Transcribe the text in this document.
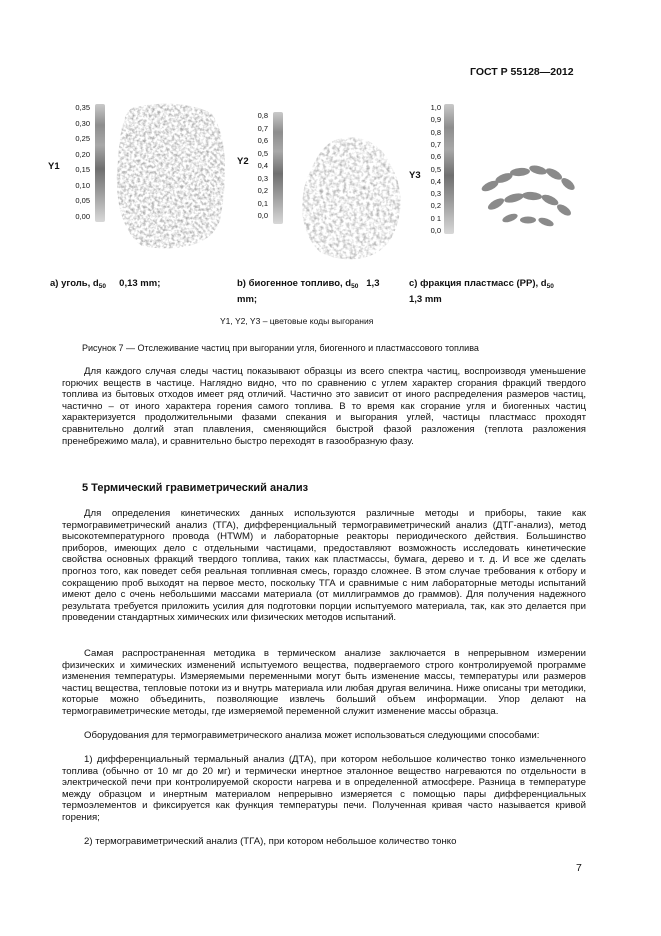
ГОСТ Р 55128—2012
Y1
0,35
0,30
0,25
0,20
0,15
0,10
0,05
0,00
Y2
0,8
0,7
0,6
0,5
0,4
0,3
0,2
0,1
0,0
Y3
1,0
0,9
0,8
0,7
0,6
0,5
0,4
0,3
0,2
0 1
0,0
а) уголь, $d_{50}$ 0,13 mm;	b) биогенное топливо, $d_{50}$ 1,3
mm;
с) фракция пластмасс (PP), $d_{50}$
1,3 mm
Y1, Y2, Y3 – цветовые коды выгорания
Рисунок 7 — Отслеживание частиц при выгорании угля, биогенного и пластмассового топлива
Для каждого случая следы частиц показывают образцы из всего спектра частиц, воспроизводя уменьшение горючих веществ в частице. Наглядно видно, что по сравнению с углем характер сгорания фракций твердого топлива из бытовых отходов имеет ряд отличий. Частично это зависит от иного распределения размеров частиц, частично – от иного характера горения самого топлива. В то время как сгорание угля и биогенных частиц характеризуется продолжительными фазами спекания и выгорания углей, частицы пластмасс проходят сравнительно долгий этап плавления, сменяющийся быстрой фазой разложения (теплота разложения пренебрежимо мала), и сравнительно быстро переходят в газообразную фазу.
5 Термический гравиметрический анализ
Для определения кинетических данных используются различные методы и приборы, такие как термогравиметрический анализ (ТГА), дифференциальный термогравиметрический анализ (ДТГ-анализ), метод высокотемпературного провода (HTWM) и лабораторные реакторы периодического действия. Большинство приборов, имеющих дело с отдельными частицами, предоставляют возможность исследовать кинетические свойства основных фракций твердого топлива, таких как пластмассы, бумага, дерево и т. д. И все же сделать прогноз того, как поведет себя реальная топливная смесь, гораздо сложнее. В этом случае требования к отбору и сокращению проб выходят на первое место, поскольку ТГА и сравнимые с ним лабораторные методы испытаний имеют дело с очень небольшими массами материала (от миллиграммов до граммов). Для получения надежного результата требуется приложить усилия для подготовки порции испытуемого материала, так, как это делается при проведении стандартных химических или физических методов испытаний.
Самая распространенная методика в термическом анализе заключается в непрерывном измерении физических и химических изменений испытуемого вещества, подвергаемого строго контролируемой программе изменения температуры. Измеряемыми переменными могут быть изменение массы, температуры или размеров частиц вещества, тепловые потоки из и внутрь материала или любая другая величина. Ниже описаны три методики, которые можно объединить, позволяющие извлечь больший объем информации. Упор делают на термогравиметрические методы, где измеряемой переменной служит изменение массы образца.
Оборудования для термогравиметрического анализа может использоваться следующими способами:
1) дифференциальный термальный анализ (ДТА), при котором небольшое количество тонко измельченного топлива (обычно от 10 мг до 20 мг) и термически инертное эталонное вещество нагреваются по отдельности в электрической печи при контролируемой скорости нагрева и в определенной атмосфере. Разница в температуре между образцом и инертным материалом непрерывно измеряется с помощью пары дифференциальных термоэлементов и фиксируется как функция температуры печи. Полученная кривая часто называется кривой горения;
2) термогравиметрический анализ (ТГА), при котором небольшое количество тонко
7
